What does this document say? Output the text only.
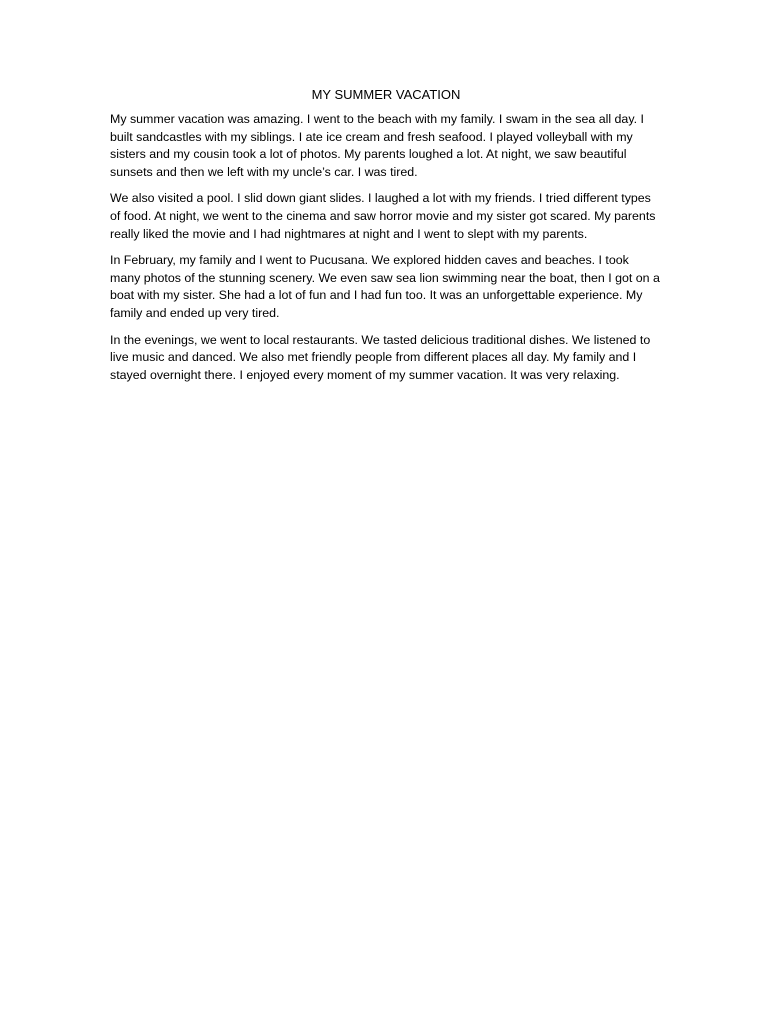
MY SUMMER VACATION

My summer vacation was amazing. I went to the beach with my family. I swam in the sea all day. I built sandcastles with my siblings. I ate ice cream and fresh seafood. I played volleyball with my sisters and my cousin took a lot of photos. My parents loughed a lot. At night, we saw beautiful sunsets and then we left with my uncle’s car. I was tired.

We also visited a pool. I slid down giant slides. I laughed a lot with my friends. I tried different types of food. At night, we went to the cinema and saw horror movie and my sister got scared. My parents really liked the movie and I had nightmares at night and I went to slept with my parents.

In February, my family and I went to Pucusana. We explored hidden caves and beaches. I took many photos of the stunning scenery. We even saw sea lion swimming near the boat, then I got on a boat with my sister. She had a lot of fun and I had fun too. It was an unforgettable experience. My family and ended up very tired.

In the evenings, we went to local restaurants. We tasted delicious traditional dishes. We listened to live music and danced. We also met friendly people from different places all day. My family and I stayed overnight there. I enjoyed every moment of my summer vacation. It was very relaxing.
